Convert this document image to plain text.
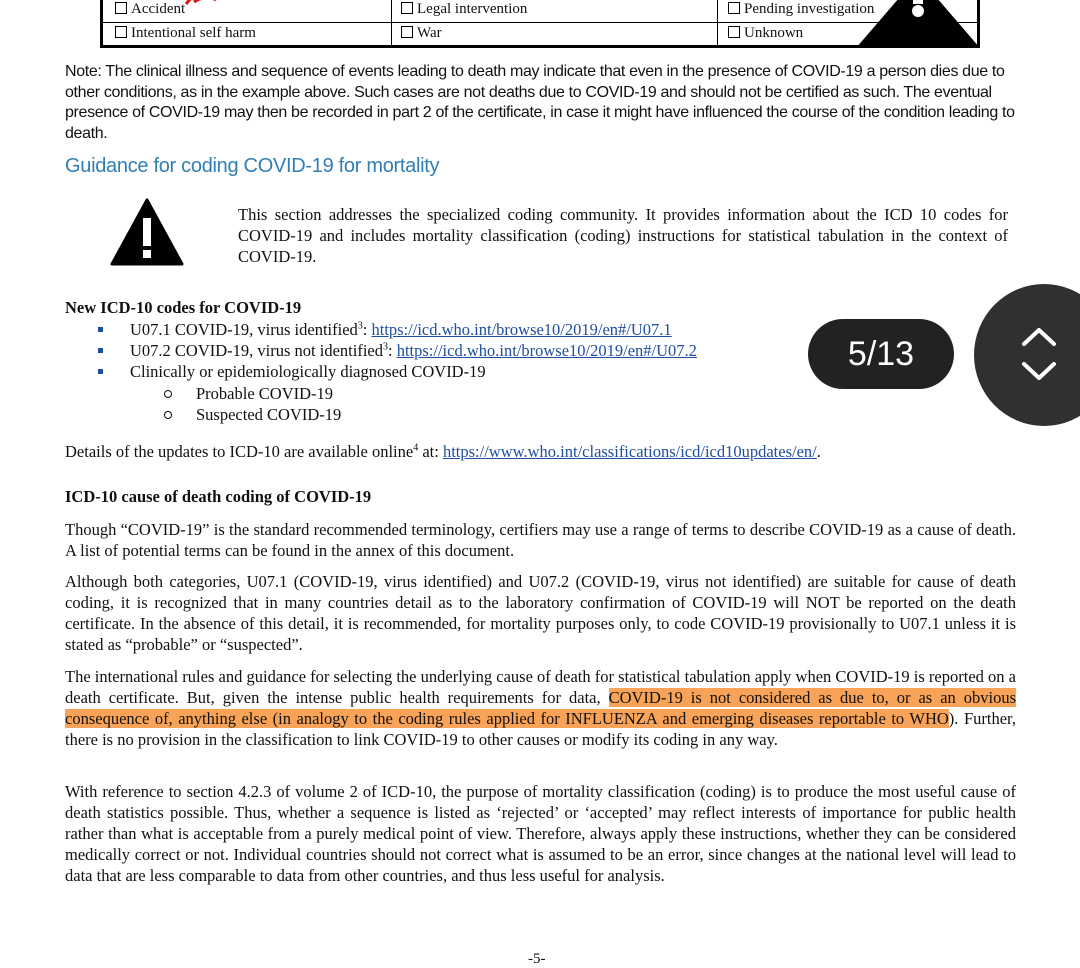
Accident	Legal intervention	Pending investigation
Intentional self harm	War	Unknown
Note: The clinical illness and sequence of events leading to death may indicate that even in the presence of COVID-19 a person dies due to other conditions, as in the example above. Such cases are not deaths due to COVID-19 and should not be certified as such. The eventual presence of COVID-19 may then be recorded in part 2 of the certificate, in case it might have influenced the course of the condition leading to death.
Guidance for coding COVID-19 for mortality
This section addresses the specialized coding community. It provides information about the ICD 10 codes for COVID-19 and includes mortality classification (coding) instructions for statistical tabulation in the context of COVID-19.
New ICD-10 codes for COVID-19
U07.1 COVID-19, virus identified$^3$: https://icd.who.int/browse10/2019/en#/U07.1
U07.2 COVID-19, virus not identified$^3$: https://icd.who.int/browse10/2019/en#/U07.2
Clinically or epidemiologically diagnosed COVID-19
Probable COVID-19
Suspected COVID-19
Details of the updates to ICD-10 are available online$^4$ at: https://www.who.int/classifications/icd/icd10updates/en/.
ICD-10 cause of death coding of COVID-19
Though “COVID-19” is the standard recommended terminology, certifiers may use a range of terms to describe COVID-19 as a cause of death. A list of potential terms can be found in the annex of this document.
Although both categories, U07.1 (COVID-19, virus identified) and U07.2 (COVID-19, virus not identified) are suitable for cause of death coding, it is recognized that in many countries detail as to the laboratory confirmation of COVID-19 will NOT be reported on the death certificate. In the absence of this detail, it is recommended, for mortality purposes only, to code COVID-19 provisionally to U07.1 unless it is stated as “probable” or “suspected”.
The international rules and guidance for selecting the underlying cause of death for statistical tabulation apply when COVID-19 is reported on a death certificate. But, given the intense public health requirements for data, COVID-19 is not considered as due to, or as an obvious consequence of, anything else (in analogy to the coding rules applied for INFLUENZA and emerging diseases reportable to WHO). Further, there is no provision in the classification to link COVID-19 to other causes or modify its coding in any way.
With reference to section 4.2.3 of volume 2 of ICD-10, the purpose of mortality classification (coding) is to produce the most useful cause of death statistics possible. Thus, whether a sequence is listed as ‘rejected’ or ‘accepted’ may reflect interests of importance for public health rather than what is acceptable from a purely medical point of view. Therefore, always apply these instructions, whether they can be considered medically correct or not. Individual countries should not correct what is assumed to be an error, since changes at the national level will lead to data that are less comparable to data from other countries, and thus less useful for analysis.
-5-
5/13
